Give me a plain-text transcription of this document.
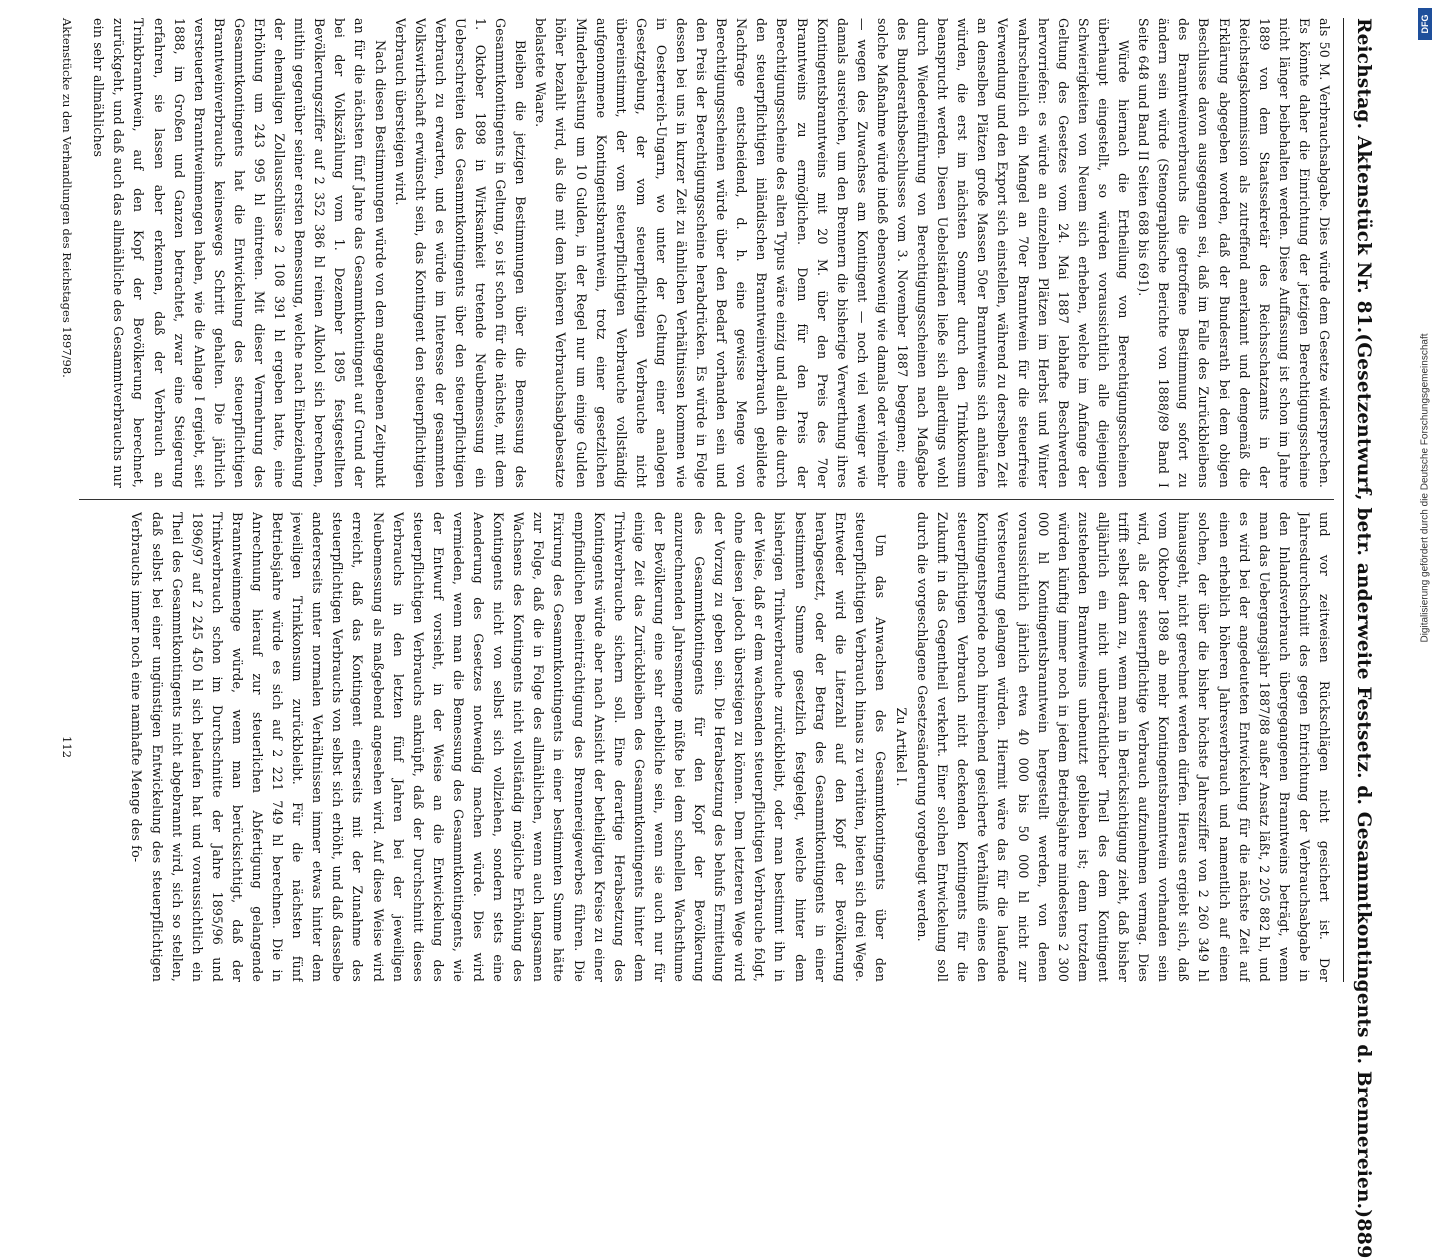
Reichstag. Aktenstück Nr. 81.
(Gesetzentwurf, betr. anderweite Festsetz. d. Gesammtkontingents d. Brennereien.)
889

als 50 M. Verbrauchsabgabe. Dies würde dem Gesetze widersprechen. Es könnte daher die Einrichtung der jetzigen Berechtigungsscheine nicht länger beibehalten werden. Diese Auffassung ist schon im Jahre 1889 von dem Staatssekretär des Reichsschatzamts in der Reichstagskommission als zutreffend anerkannt und demgemäß die Erklärung abgegeben worden, daß der Bundesrath bei dem obigen Beschlusse davon ausgegangen sei, daß im Falle des Zurückbleibens des Branntweinverbrauchs die getroffene Bestimmung sofort zu ändern sein würde (Stenographische Berichte von 1888/89 Band I Seite 648 und Band II Seiten 688 bis 691).

Würde hiernach die Ertheilung von Berechtigungsscheinen überhaupt eingestellt, so würden voraussichtlich alle diejenigen Schwierigkeiten von Neuem sich erheben, welche im Anfange der Geltung des Gesetzes vom 24. Mai 1887 lebhafte Beschwerden hervorriefen: es würde an einzelnen Plätzen im Herbst und Winter wahrscheinlich ein Mangel an 70er Branntwein für die steuerfreie Verwendung und den Export sich einstellen, während zu derselben Zeit an denselben Plätzen große Massen 50er Branntweins sich anhäufen würden, die erst im nächsten Sommer durch den Trinkkonsum beansprucht werden. Diesen Uebelständen ließe sich allerdings wohl durch Wiedereinführung von Berechtigungsscheinen nach Maßgabe des Bundesrathsbeschlusses vom 3. November 1887 begegnen; eine solche Maßnahme würde indeß ebensowenig wie damals oder vielmehr — wegen des Zuwachses am Kontingent — noch viel weniger wie damals ausreichen, um den Brennern die bisherige Verwerthung ihres Kontingentsbranntweins mit 20 M. über den Preis des 70er Branntweins zu ermöglichen. Denn für den Preis der Berechtigungsscheine des alten Typus wäre einzig und allein die durch den steuerpflichtigen inländischen Branntweinverbrauch gebildete Nachfrage entscheidend, d. h. eine gewisse Menge von Berechtigungsscheinen würde über den Bedarf vorhanden sein und den Preis der Berechtigungsscheine herabdrücken. Es würde in Folge dessen bei uns in kurzer Zeit zu ähnlichen Verhältnissen kommen wie in Oesterreich-Ungarn, wo unter der Geltung einer analogen Gesetzgebung, der vom steuerpflichtigen Verbrauche nicht übereinstimmt, der vom steuerpflichtigen Verbrauche vollständig aufgenommene Kontingentsbranntwein, trotz einer gesetzlichen Minderbelastung um 10 Gulden, in der Regel nur um einige Gulden höher bezahlt wird, als die mit dem höheren Verbrauchsabgabesatze belastete Waare.

Bleiben die jetzigen Bestimmungen über die Bemessung des Gesammtkontingents in Geltung, so ist schon für die nächste, mit dem 1. Oktober 1898 in Wirksamkeit tretende Neubemessung ein Ueberschreiten des Gesammtkontingents über den steuerpflichtigen Verbrauch zu erwarten, und es würde im Interesse der gesammten Volkswirthschaft erwünscht sein, das Kontingent den steuerpflichtigen Verbrauch übersteigen wird.

Nach diesen Bestimmungen würde von dem angegebenen Zeitpunkt an für die nächsten fünf Jahre das Gesammtkontingent auf Grund der bei der Volkszählung vom 1. Dezember 1895 festgestellten Bevölkerungsziffer auf 2 352 386 hl reinen Alkohol sich berechnen, mithin gegenüber seiner ersten Bemessung, welche nach Einbeziehung der ehemaligen Zollausschlüsse 2 108 391 hl ergeben hatte, eine Erhöhung um 243 995 hl eintreten. Mit dieser Vermehrung des Gesammtkontingents hat die Entwickelung des steuerpflichtigen Branntweinverbrauchs keineswegs Schritt gehalten. Die jährlich versteuerten Branntweinmengen haben, wie die Anlage I ergiebt, seit 1888, im Großen und Ganzen betrachtet, zwar eine Steigerung erfahren, sie lassen aber erkennen, daß der Verbrauch an Trinkbranntwein, auf den Kopf der Bevölkerung berechnet, zurückgeht, und daß auch das allmähliche des Gesammtverbrauchs nur ein sehr allmähliches

und vor zeitweisen Rückschlägen nicht gesichert ist. Der Jahresdurchschnitt des gegen Entrichtung der Verbrauchsabgabe in den Inlandsverbrauch übergegangenen Branntweins beträgt, wenn man das Uebergangsjahr 1887/88 außer Ansatz läßt, 2 205 882 hl, und es wird bei der angedeuteten Entwickelung für die nächste Zeit auf einen erheblich höheren Jahresverbrauch und namentlich auf einen solchen, der über die bisher höchste Jahresziffer von 2 260 349 hl hinausgeht, nicht gerechnet werden dürfen. Hieraus ergiebt sich, daß vom Oktober 1898 ab mehr Kontingentsbranntwein vorhanden sein wird, als der steuerpflichtige Verbrauch aufzunehmen vermag. Dies trifft selbst dann zu, wenn man in Berücksichtigung zieht, daß bisher alljährlich ein nicht unbeträchtlicher Theil des dem Kontingent zustehenden Branntweins unbenutzt geblieben ist; denn trotzdem würden künftig immer noch in jedem Betriebsjahre mindestens 2 300 000 hl Kontingentsbranntwein hergestellt werden, von denen voraussichtlich jährlich etwa 40 000 bis 50 000 hl nicht zur Versteuerung gelangen würden. Hiermit wäre das für die laufende Kontingentsperiode noch hinreichend gesicherte Verhältniß eines den steuerpflichtigen Verbrauch nicht deckenden Kontingents für die Zukunft in das Gegentheil verkehrt. Einer solchen Entwickelung soll durch die vorgeschlagene Gesetzesänderung vorgebeugt werden.

Zu Artikel I.

Um das Anwachsen des Gesammtkontingents über den steuerpflichtigen Verbrauch hinaus zu verhüten, bieten sich drei Wege. Entweder wird die Literzahl auf den Kopf der Bevölkerung herabgesetzt, oder der Betrag des Gesammtkontingents in einer bestimmten Summe gesetzlich festgelegt, welche hinter dem bisherigen Trinkverbrauche zurückbleibt, oder man bestimmt ihn in der Weise, daß er dem wachsenden steuerpflichtigen Verbrauche folgt, ohne diesen jedoch übersteigen zu können. Dem letzteren Wege wird der Vorzug zu geben sein. Die Herabsetzung des behufs Ermittelung des Gesammtkontingents für den Kopf der Bevölkerung anzurechnenden Jahresmenge müßte bei dem schnellen Wachsthume der Bevölkerung eine sehr erhebliche sein, wenn sie auch nur für einige Zeit das Zurückbleiben des Gesammtkontingents hinter dem Trinkverbrauche sichern soll. Eine derartige Herabsetzung des Kontingents würde aber nach Ansicht der betheiligten Kreise zu einer empfindlichen Beeinträchtigung des Brennereigewerbes führen. Die Fixirung des Gesammtkontingents in einer bestimmten Summe hätte zur Folge, daß die in Folge des allmählichen, wenn auch langsamen Wachsens des Kontingents nicht vollständig mögliche Erhöhung des Kontingents nicht von selbst sich vollziehen, sondern stets eine Aenderung des Gesetzes notwendig machen würde. Dies wird vermieden, wenn man die Bemessung des Gesammtkontingents, wie der Entwurf vorsieht, in der Weise an die Entwickelung des steuerpflichtigen Verbrauchs anknüpft, daß der Durchschnitt dieses Verbrauchs in den letzten fünf Jahren bei der jeweiligen Neubemessung als maßgebend angesehen wird. Auf diese Weise wird erreicht, daß das Kontingent einerseits mit der Zunahme des steuerpflichtigen Verbrauchs von selbst sich erhöht, und daß dasselbe andererseits unter normalen Verhältnissen immer etwas hinter dem jeweiligen Trinkkonsum zurückbleibt. Für die nächsten fünf Betriebsjahre würde es sich auf 2 221 749 hl berechnen. Die in Anrechnung hierauf zur steuerlichen Abfertigung gelangende Branntweinmenge würde, wenn man berücksichtigt, daß der Trinkverbrauch schon im Durchschnitte der Jahre 1895/96 und 1896/97 auf 2 245 450 hl sich belaufen hat und voraussichtlich ein Theil des Gesammtkontingents nicht abgebrannt wird, sich so stellen, daß selbst bei einer ungünstigen Entwickelung des steuerpflichtigen Verbrauchs immer noch eine namhafte Menge des fo-

Aktenstücke zu den Verhandlungen des Reichstages 1897/98.
112
DFG
Digitalisierung gefördert durch die Deutsche Forschungsgemeinschaft
